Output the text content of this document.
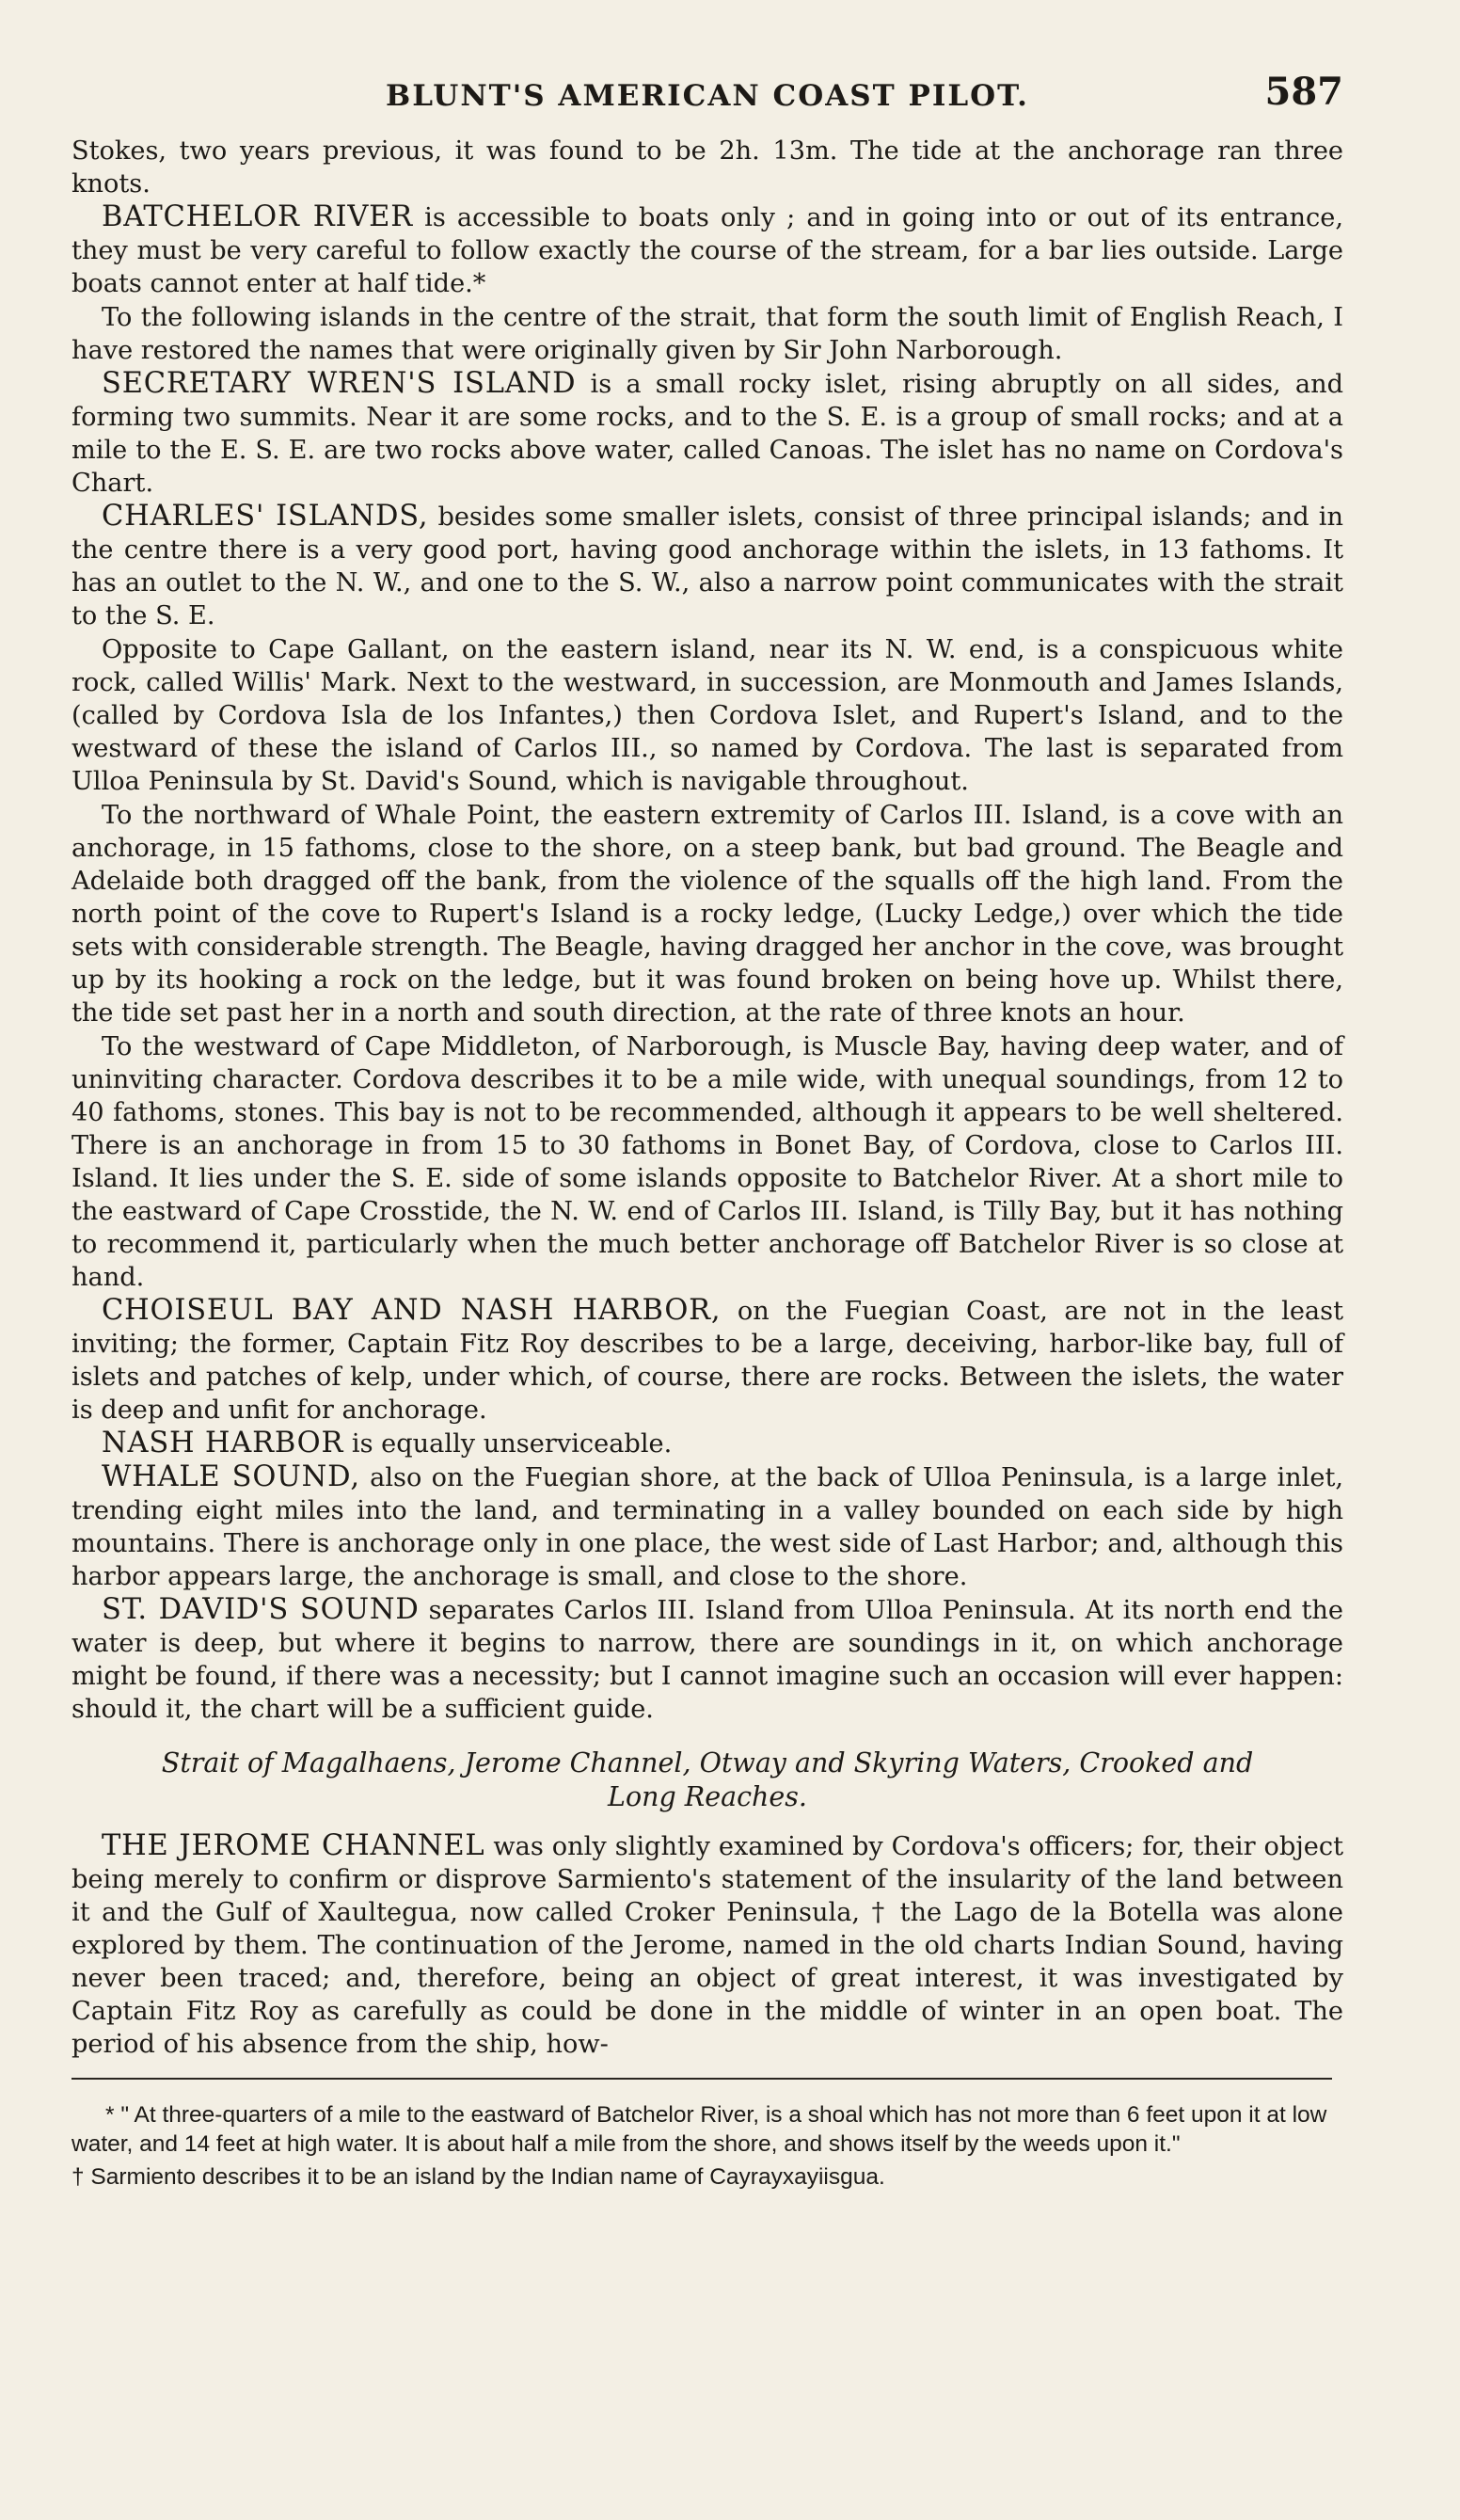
BLUNT'S AMERICAN COAST PILOT.	587

Stokes, two years previous, it was found to be 2h. 13m. The tide at the anchorage ran three knots.

BATCHELOR RIVER is accessible to boats only ; and in going into or out of its entrance, they must be very careful to follow exactly the course of the stream, for a bar lies outside. Large boats cannot enter at half tide.*

To the following islands in the centre of the strait, that form the south limit of English Reach, I have restored the names that were originally given by Sir John Narborough.

SECRETARY WREN'S ISLAND is a small rocky islet, rising abruptly on all sides, and forming two summits. Near it are some rocks, and to the S. E. is a group of small rocks; and at a mile to the E. S. E. are two rocks above water, called Canoas. The islet has no name on Cordova's Chart.

CHARLES' ISLANDS, besides some smaller islets, consist of three principal islands; and in the centre there is a very good port, having good anchorage within the islets, in 13 fathoms. It has an outlet to the N. W., and one to the S. W., also a narrow point communicates with the strait to the S. E.

Opposite to Cape Gallant, on the eastern island, near its N. W. end, is a conspicuous white rock, called Willis' Mark. Next to the westward, in succession, are Monmouth and James Islands, (called by Cordova Isla de los Infantes,) then Cordova Islet, and Rupert's Island, and to the westward of these the island of Carlos III., so named by Cordova. The last is separated from Ulloa Peninsula by St. David's Sound, which is navigable throughout.

To the northward of Whale Point, the eastern extremity of Carlos III. Island, is a cove with an anchorage, in 15 fathoms, close to the shore, on a steep bank, but bad ground. The Beagle and Adelaide both dragged off the bank, from the violence of the squalls off the high land. From the north point of the cove to Rupert's Island is a rocky ledge, (Lucky Ledge,) over which the tide sets with considerable strength. The Beagle, having dragged her anchor in the cove, was brought up by its hooking a rock on the ledge, but it was found broken on being hove up. Whilst there, the tide set past her in a north and south direction, at the rate of three knots an hour.

To the westward of Cape Middleton, of Narborough, is Muscle Bay, having deep water, and of uninviting character. Cordova describes it to be a mile wide, with unequal soundings, from 12 to 40 fathoms, stones. This bay is not to be recommended, although it appears to be well sheltered. There is an anchorage in from 15 to 30 fathoms in Bonet Bay, of Cordova, close to Carlos III. Island. It lies under the S. E. side of some islands opposite to Batchelor River. At a short mile to the eastward of Cape Crosstide, the N. W. end of Carlos III. Island, is Tilly Bay, but it has nothing to recommend it, particularly when the much better anchorage off Batchelor River is so close at hand.

CHOISEUL BAY AND NASH HARBOR, on the Fuegian Coast, are not in the least inviting; the former, Captain Fitz Roy describes to be a large, deceiving, harbor-like bay, full of islets and patches of kelp, under which, of course, there are rocks. Between the islets, the water is deep and unfit for anchorage.

NASH HARBOR is equally unserviceable.

WHALE SOUND, also on the Fuegian shore, at the back of Ulloa Peninsula, is a large inlet, trending eight miles into the land, and terminating in a valley bounded on each side by high mountains. There is anchorage only in one place, the west side of Last Harbor; and, although this harbor appears large, the anchorage is small, and close to the shore.

ST. DAVID'S SOUND separates Carlos III. Island from Ulloa Peninsula. At its north end the water is deep, but where it begins to narrow, there are soundings in it, on which anchorage might be found, if there was a necessity; but I cannot imagine such an occasion will ever happen: should it, the chart will be a sufficient guide.

Strait of Magalhaens, Jerome Channel, Otway and Skyring Waters, Crooked and
Long Reaches.

THE JEROME CHANNEL was only slightly examined by Cordova's officers; for, their object being merely to confirm or disprove Sarmiento's statement of the insularity of the land between it and the Gulf of Xaultegua, now called Croker Peninsula, † the Lago de la Botella was alone explored by them. The continuation of the Jerome, named in the old charts Indian Sound, having never been traced; and, therefore, being an object of great interest, it was investigated by Captain Fitz Roy as carefully as could be done in the middle of winter in an open boat. The period of his absence from the ship, how-

* " At three-quarters of a mile to the eastward of Batchelor River, is a shoal which has not more than 6 feet upon it at low water, and 14 feet at high water. It is about half a mile from the shore, and shows itself by the weeds upon it."

† Sarmiento describes it to be an island by the Indian name of Cayrayxayiisgua.
